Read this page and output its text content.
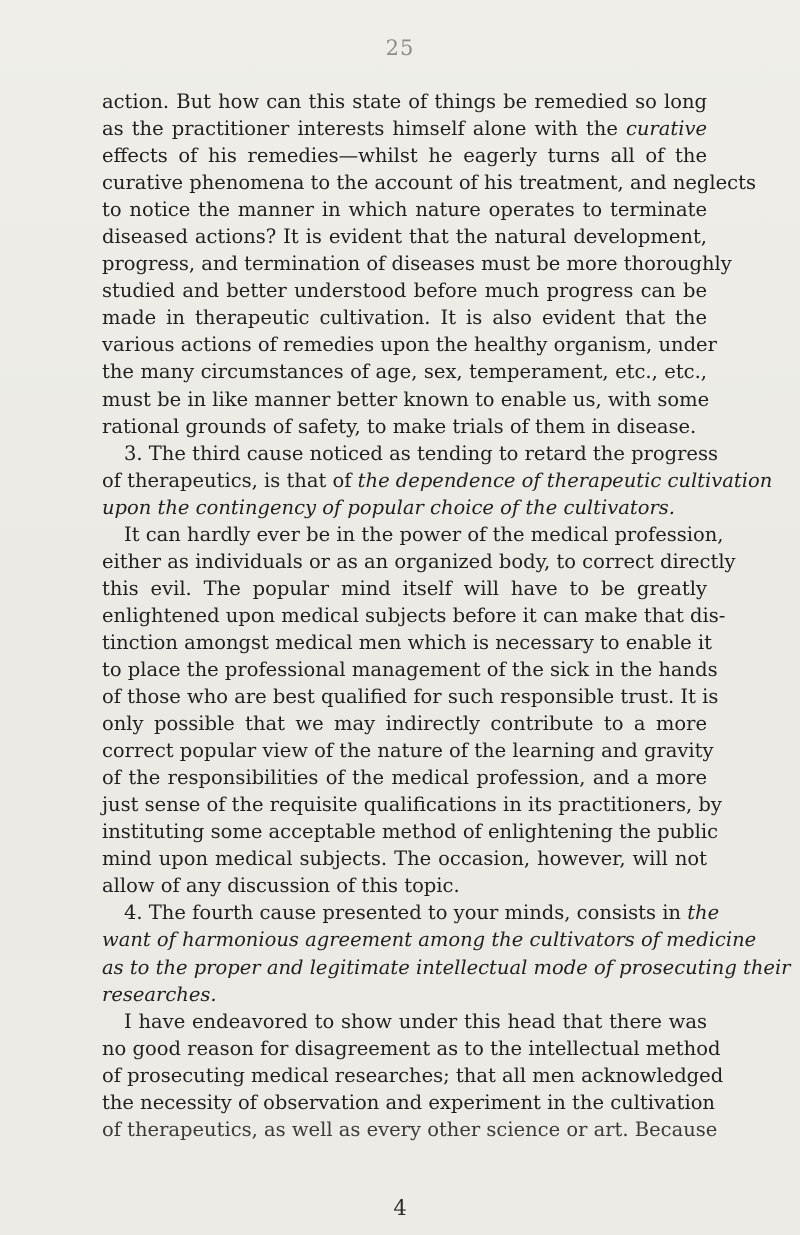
25
action. But how can this state of things be remedied so long
as the practitioner interests himself alone with the curative
effects of his remedies—whilst he eagerly turns all of the
curative phenomena to the account of his treatment, and neglects
to notice the manner in which nature operates to terminate
diseased actions? It is evident that the natural development,
progress, and termination of diseases must be more thoroughly
studied and better understood before much progress can be
made in therapeutic cultivation. It is also evident that the
various actions of remedies upon the healthy organism, under
the many circumstances of age, sex, temperament, etc., etc.,
must be in like manner better known to enable us, with some
rational grounds of safety, to make trials of them in disease.
3. The third cause noticed as tending to retard the progress
of therapeutics, is that of the dependence of therapeutic cultivation
upon the contingency of popular choice of the cultivators.
It can hardly ever be in the power of the medical profession,
either as individuals or as an organized body, to correct directly
this evil. The popular mind itself will have to be greatly
enlightened upon medical subjects before it can make that dis-
tinction amongst medical men which is necessary to enable it
to place the professional management of the sick in the hands
of those who are best qualified for such responsible trust. It is
only possible that we may indirectly contribute to a more
correct popular view of the nature of the learning and gravity
of the responsibilities of the medical profession, and a more
just sense of the requisite qualifications in its practitioners, by
instituting some acceptable method of enlightening the public
mind upon medical subjects. The occasion, however, will not
allow of any discussion of this topic.
4. The fourth cause presented to your minds, consists in the
want of harmonious agreement among the cultivators of medicine
as to the proper and legitimate intellectual mode of prosecuting their
researches.
I have endeavored to show under this head that there was
no good reason for disagreement as to the intellectual method
of prosecuting medical researches; that all men acknowledged
the necessity of observation and experiment in the cultivation
of therapeutics, as well as every other science or art. Because
4
